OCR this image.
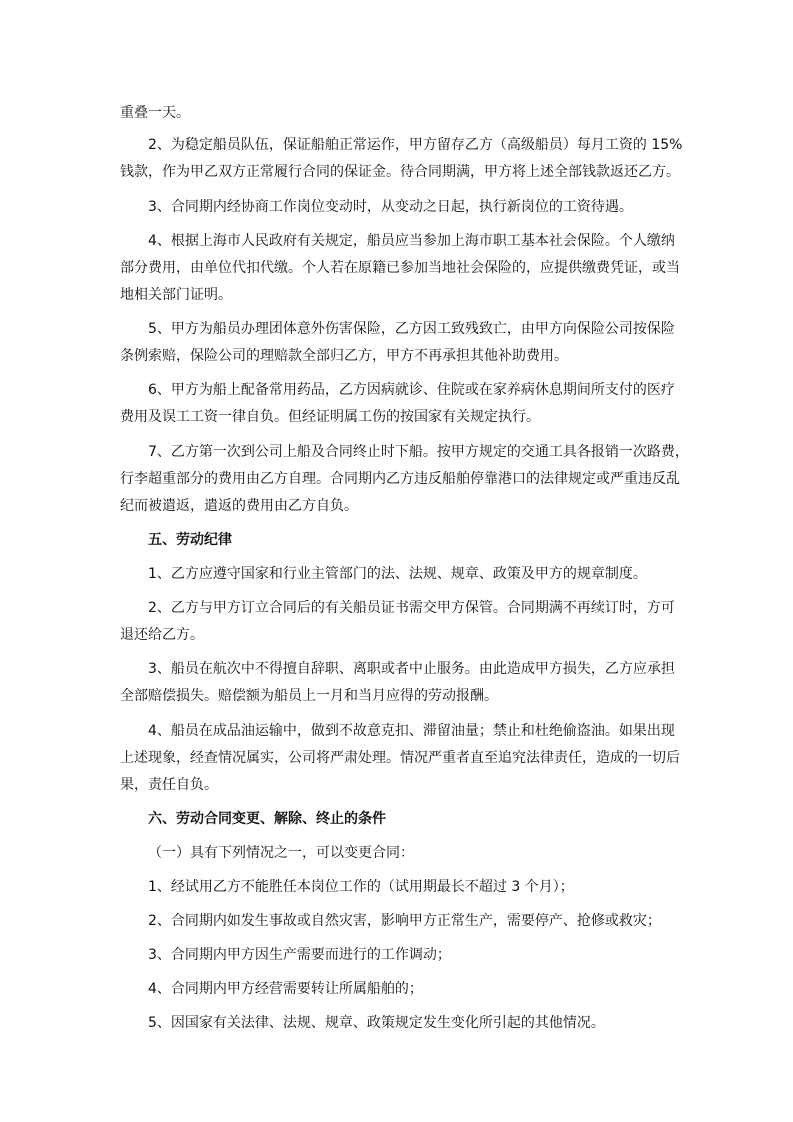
重叠一天。
2、为稳定船员队伍，保证船舶正常运作，甲方留存乙方（高级船员）每月工资的 15%
钱款，作为甲乙双方正常履行合同的保证金。待合同期满，甲方将上述全部钱款返还乙方。
3、合同期内经协商工作岗位变动时，从变动之日起，执行新岗位的工资待遇。
4、根据上海市人民政府有关规定，船员应当参加上海市职工基本社会保险。个人缴纳
部分费用，由单位代扣代缴。个人若在原籍已参加当地社会保险的，应提供缴费凭证，或当
地相关部门证明。
5、甲方为船员办理团体意外伤害保险，乙方因工致残致亡，由甲方向保险公司按保险
条例索赔，保险公司的理赔款全部归乙方，甲方不再承担其他补助费用。
6、甲方为船上配备常用药品，乙方因病就诊、住院或在家养病休息期间所支付的医疗
费用及误工工资一律自负。但经证明属工伤的按国家有关规定执行。
7、乙方第一次到公司上船及合同终止时下船。按甲方规定的交通工具各报销一次路费，
行李超重部分的费用由乙方自理。合同期内乙方违反船舶停靠港口的法律规定或严重违反乱
纪而被遣返，遣返的费用由乙方自负。
五、劳动纪律
1、乙方应遵守国家和行业主管部门的法、法规、规章、政策及甲方的规章制度。
2、乙方与甲方订立合同后的有关船员证书需交甲方保管。合同期满不再续订时，方可
退还给乙方。
3、船员在航次中不得擅自辞职、离职或者中止服务。由此造成甲方损失，乙方应承担
全部赔偿损失。赔偿额为船员上一月和当月应得的劳动报酬。
4、船员在成品油运输中，做到不故意克扣、滞留油量；禁止和杜绝偷盗油。如果出现
上述现象，经查情况属实，公司将严肃处理。情况严重者直至追究法律责任，造成的一切后
果，责任自负。
六、劳动合同变更、解除、终止的条件
（一）具有下列情况之一，可以变更合同：
1、经试用乙方不能胜任本岗位工作的（试用期最长不超过 3 个月）；
2、合同期内如发生事故或自然灾害，影响甲方正常生产，需要停产、抢修或救灾；
3、合同期内甲方因生产需要而进行的工作调动；
4、合同期内甲方经营需要转让所属船舶的；
5、因国家有关法律、法规、规章、政策规定发生变化所引起的其他情况。
